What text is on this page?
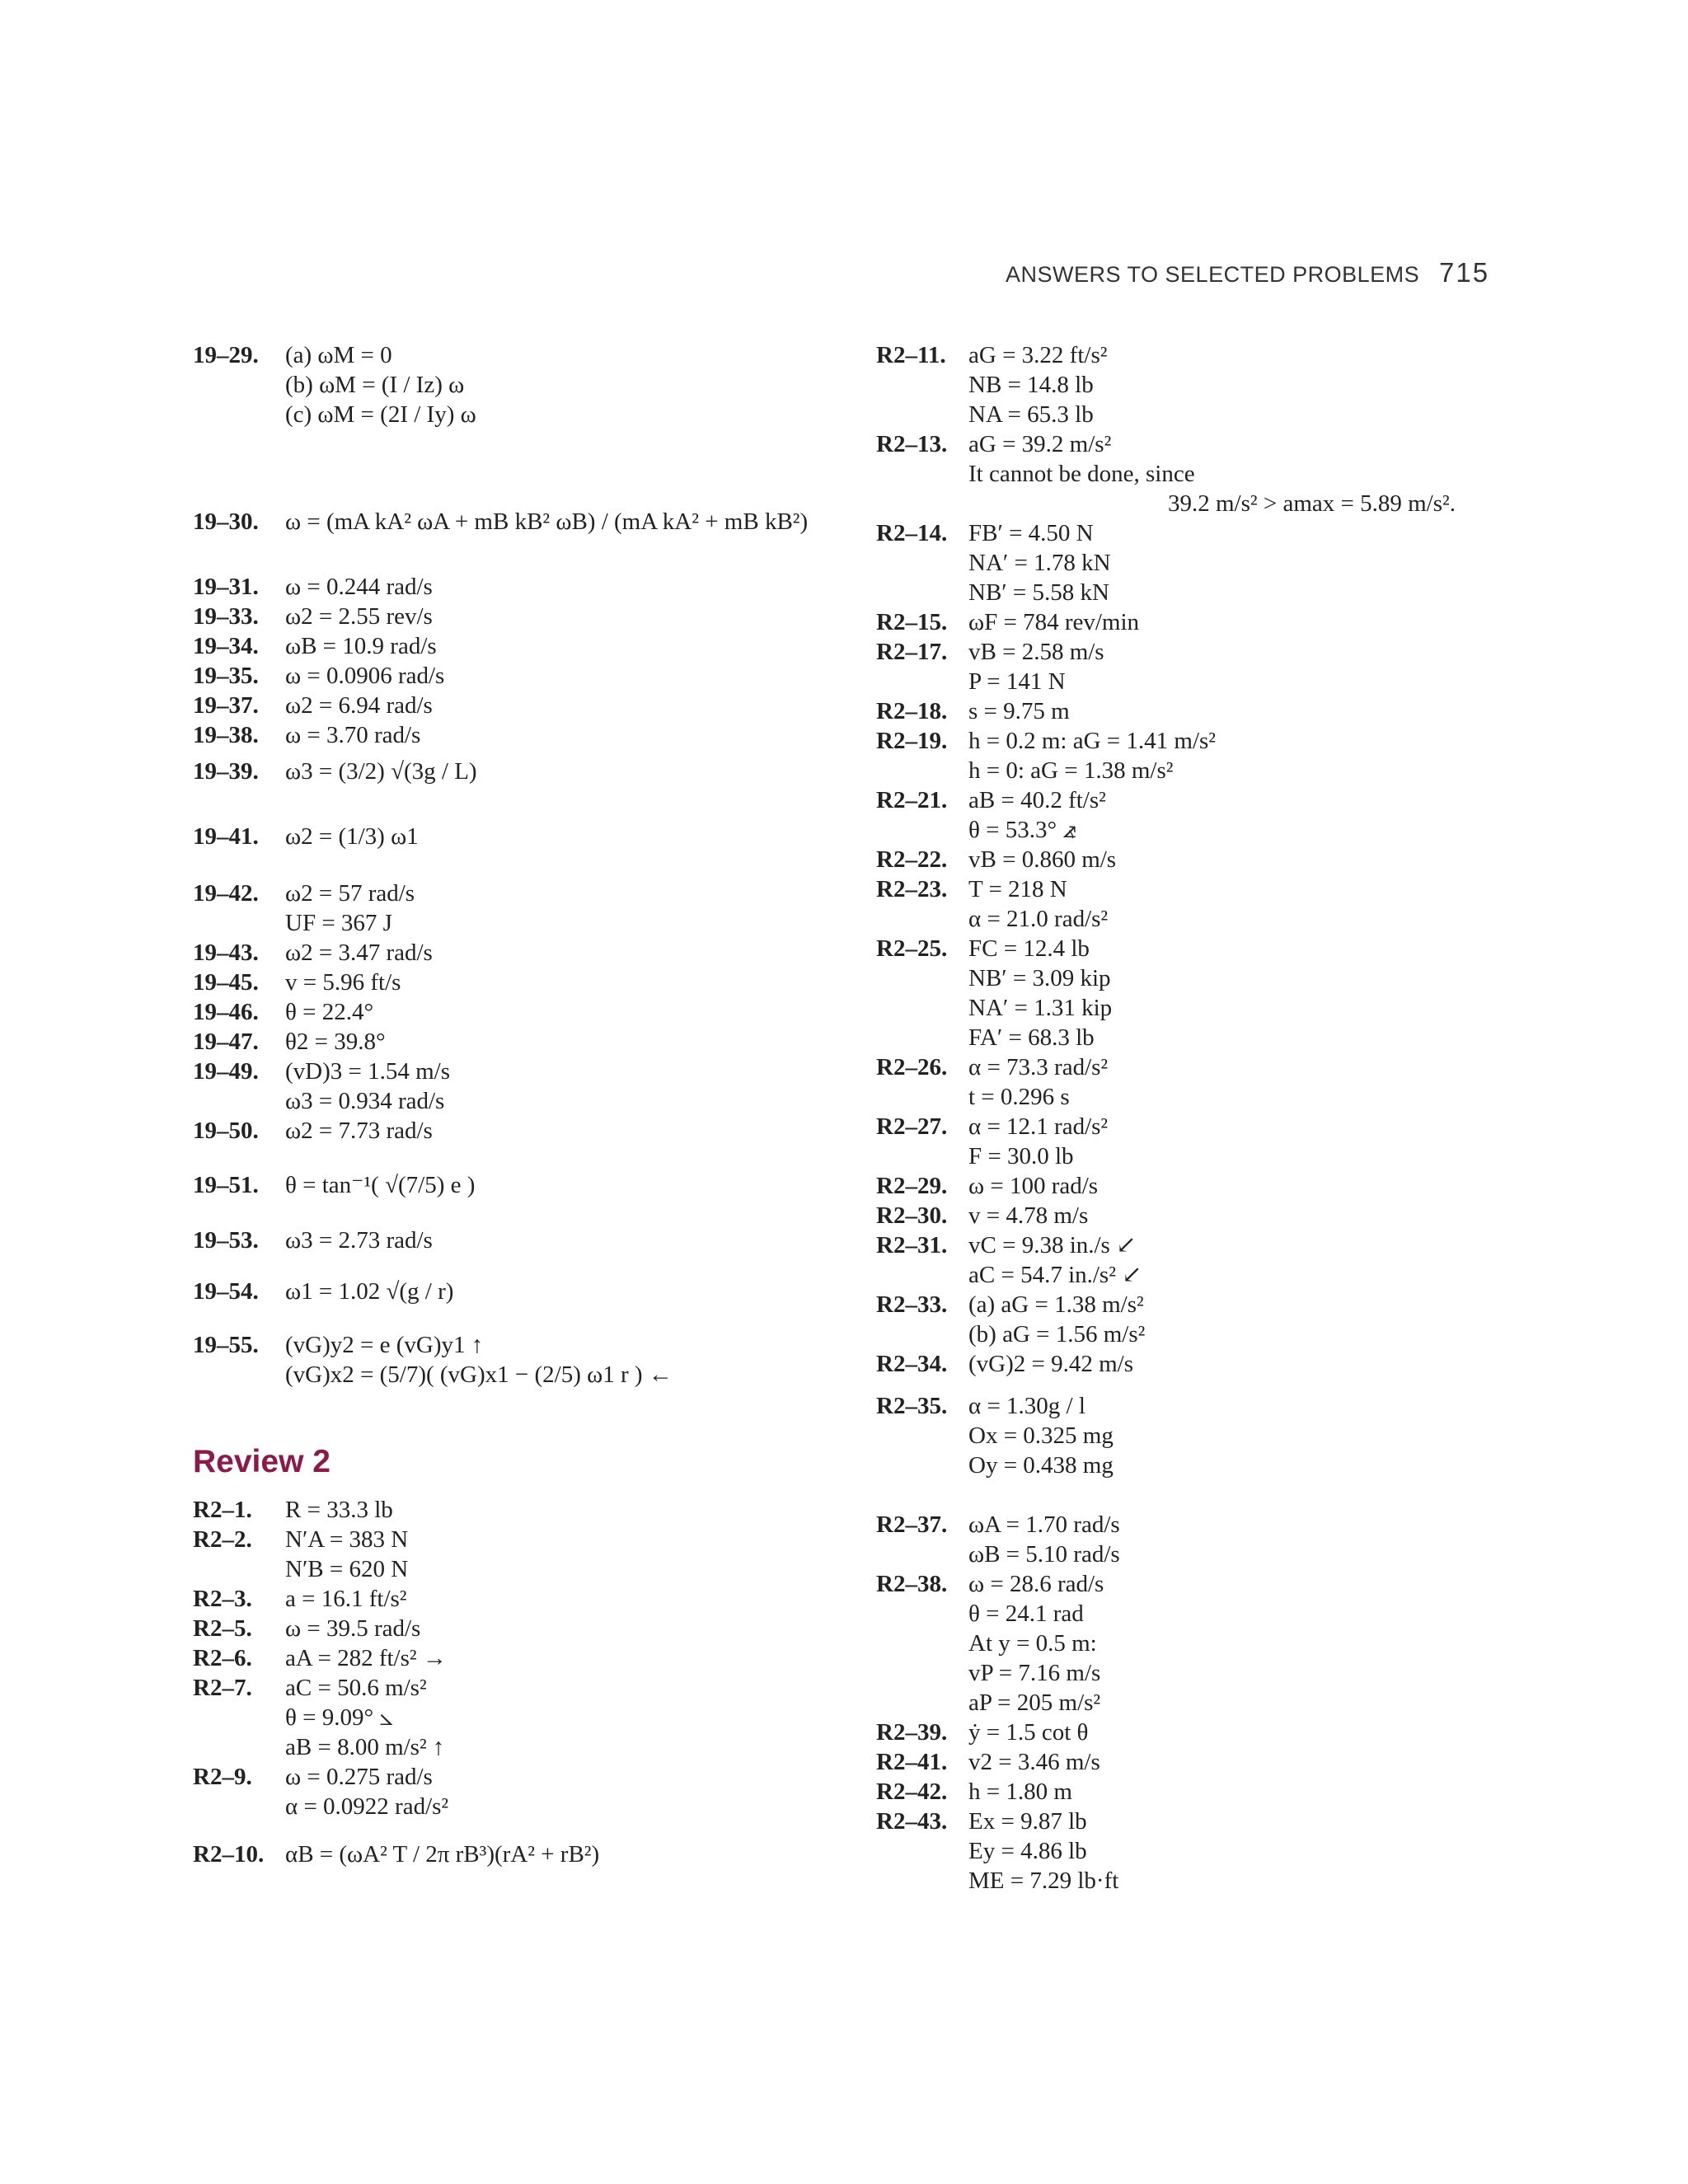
ANSWERS TO SELECTED PROBLEMS 715
19–29. (a) ωM = 0
(b) ωM = (I / Iz) ω
(c) ωM = (2I / Iy) ω
19–30. ω = (mA kA² ωA + mB kB² ωB) / (mA kA² + mB kB²)
19–31. ω = 0.244 rad/s
19–33. ω2 = 2.55 rev/s
19–34. ωB = 10.9 rad/s
19–35. ω = 0.0906 rad/s
19–37. ω2 = 6.94 rad/s
19–38. ω = 3.70 rad/s
19–39. ω3 = (3/2) √(3g / L)
19–41. ω2 = (1/3) ω1
19–42. ω2 = 57 rad/s
UF = 367 J
19–43. ω2 = 3.47 rad/s
19–45. v = 5.96 ft/s
19–46. θ = 22.4°
19–47. θ2 = 39.8°
19–49. (vD)3 = 1.54 m/s
ω3 = 0.934 rad/s
19–50. ω2 = 7.73 rad/s
19–51. θ = tan⁻¹( √(7/5) e )
19–53. ω3 = 2.73 rad/s
19–54. ω1 = 1.02 √(g / r)
19–55. (vG)y2 = e (vG)y1 ↑
(vG)x2 = (5/7)( (vG)x1 − (2/5) ω1 r ) ←
Review 2
R2–1. R = 33.3 lb
R2–2. N′A = 383 N
N′B = 620 N
R2–3. a = 16.1 ft/s²
R2–5. ω = 39.5 rad/s
R2–6. aA = 282 ft/s² →
R2–7. aC = 50.6 m/s²
θ = 9.09° ⦣
aB = 8.00 m/s² ↑
R2–9. ω = 0.275 rad/s
α = 0.0922 rad/s²
R2–10. αB = (ωA² T / 2π rB³)(rA² + rB²)
R2–11. aG = 3.22 ft/s²
NB = 14.8 lb
NA = 65.3 lb
R2–13. aG = 39.2 m/s²
It cannot be done, since
39.2 m/s² > amax = 5.89 m/s².
R2–14. FB′ = 4.50 N
NA′ = 1.78 kN
NB′ = 5.58 kN
R2–15. ωF = 784 rev/min
R2–17. vB = 2.58 m/s
P = 141 N
R2–18. s = 9.75 m
R2–19. h = 0.2 m: aG = 1.41 m/s²
h = 0: aG = 1.38 m/s²
R2–21. aB = 40.2 ft/s²
θ = 53.3° ⦨
R2–22. vB = 0.860 m/s
R2–23. T = 218 N
α = 21.0 rad/s²
R2–25. FC = 12.4 lb
NB′ = 3.09 kip
NA′ = 1.31 kip
FA′ = 68.3 lb
R2–26. α = 73.3 rad/s²
t = 0.296 s
R2–27. α = 12.1 rad/s²
F = 30.0 lb
R2–29. ω = 100 rad/s
R2–30. v = 4.78 m/s
R2–31. vC = 9.38 in./s ↙
aC = 54.7 in./s² ↙
R2–33. (a) aG = 1.38 m/s²
(b) aG = 1.56 m/s²
R2–34. (vG)2 = 9.42 m/s
R2–35. α = 1.30g / l
Ox = 0.325 mg
Oy = 0.438 mg
R2–37. ωA = 1.70 rad/s
ωB = 5.10 rad/s
R2–38. ω = 28.6 rad/s
θ = 24.1 rad
At y = 0.5 m:
vP = 7.16 m/s
aP = 205 m/s²
R2–39. ẏ = 1.5 cot θ
R2–41. v2 = 3.46 m/s
R2–42. h = 1.80 m
R2–43. Ex = 9.87 lb
Ey = 4.86 lb
ME = 7.29 lb·ft
